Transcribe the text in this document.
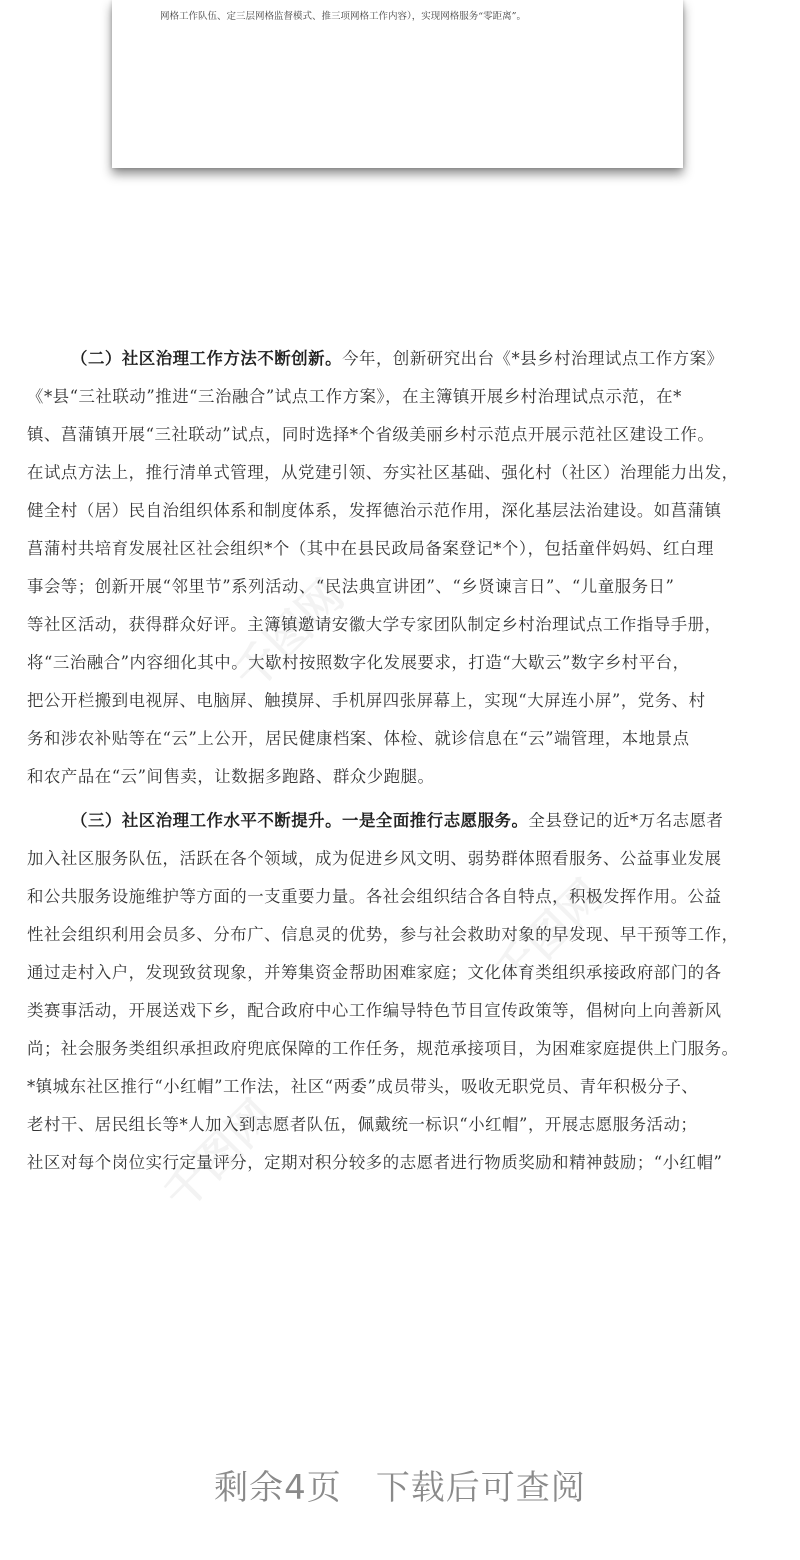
网格工作队伍、定三层网格监督模式、推三项网格工作内容），实现网格服务“零距离”。
千图网
千图网
千图网
（二）社区治理工作方法不断创新。今年，创新研究出台《*县乡村治理试点工作方案》
《*县“三社联动”推进“三治融合”试点工作方案》，在主簿镇开展乡村治理试点示范，在*
镇、菖蒲镇开展“三社联动”试点，同时选择*个省级美丽乡村示范点开展示范社区建设工作。
在试点方法上，推行清单式管理，从党建引领、夯实社区基础、强化村（社区）治理能力出发，
健全村（居）民自治组织体系和制度体系，发挥德治示范作用，深化基层法治建设。如菖蒲镇
菖蒲村共培育发展社区社会组织*个（其中在县民政局备案登记*个），包括童伴妈妈、红白理
事会等；创新开展“邻里节”系列活动、“民法典宣讲团”、“乡贤谏言日”、“儿童服务日”
等社区活动，获得群众好评。主簿镇邀请安徽大学专家团队制定乡村治理试点工作指导手册，
将“三治融合”内容细化其中。大歇村按照数字化发展要求，打造“大歇云”数字乡村平台，
把公开栏搬到电视屏、电脑屏、触摸屏、手机屏四张屏幕上，实现“大屏连小屏”，党务、村
务和涉农补贴等在“云”上公开，居民健康档案、体检、就诊信息在“云”端管理，本地景点
和农产品在“云”间售卖，让数据多跑路、群众少跑腿。
（三）社区治理工作水平不断提升。一是全面推行志愿服务。全县登记的近*万名志愿者
加入社区服务队伍，活跃在各个领域，成为促进乡风文明、弱势群体照看服务、公益事业发展
和公共服务设施维护等方面的一支重要力量。各社会组织结合各自特点，积极发挥作用。公益
性社会组织利用会员多、分布广、信息灵的优势，参与社会救助对象的早发现、早干预等工作，
通过走村入户，发现致贫现象，并筹集资金帮助困难家庭；文化体育类组织承接政府部门的各
类赛事活动，开展送戏下乡，配合政府中心工作编导特色节目宣传政策等，倡树向上向善新风
尚；社会服务类组织承担政府兜底保障的工作任务，规范承接项目，为困难家庭提供上门服务。
*镇城东社区推行“小红帽”工作法，社区“两委”成员带头，吸收无职党员、青年积极分子、
老村干、居民组长等*人加入到志愿者队伍，佩戴统一标识“小红帽”，开展志愿服务活动；
社区对每个岗位实行定量评分，定期对积分较多的志愿者进行物质奖励和精神鼓励；“小红帽”
剩余4页 下载后可查阅
